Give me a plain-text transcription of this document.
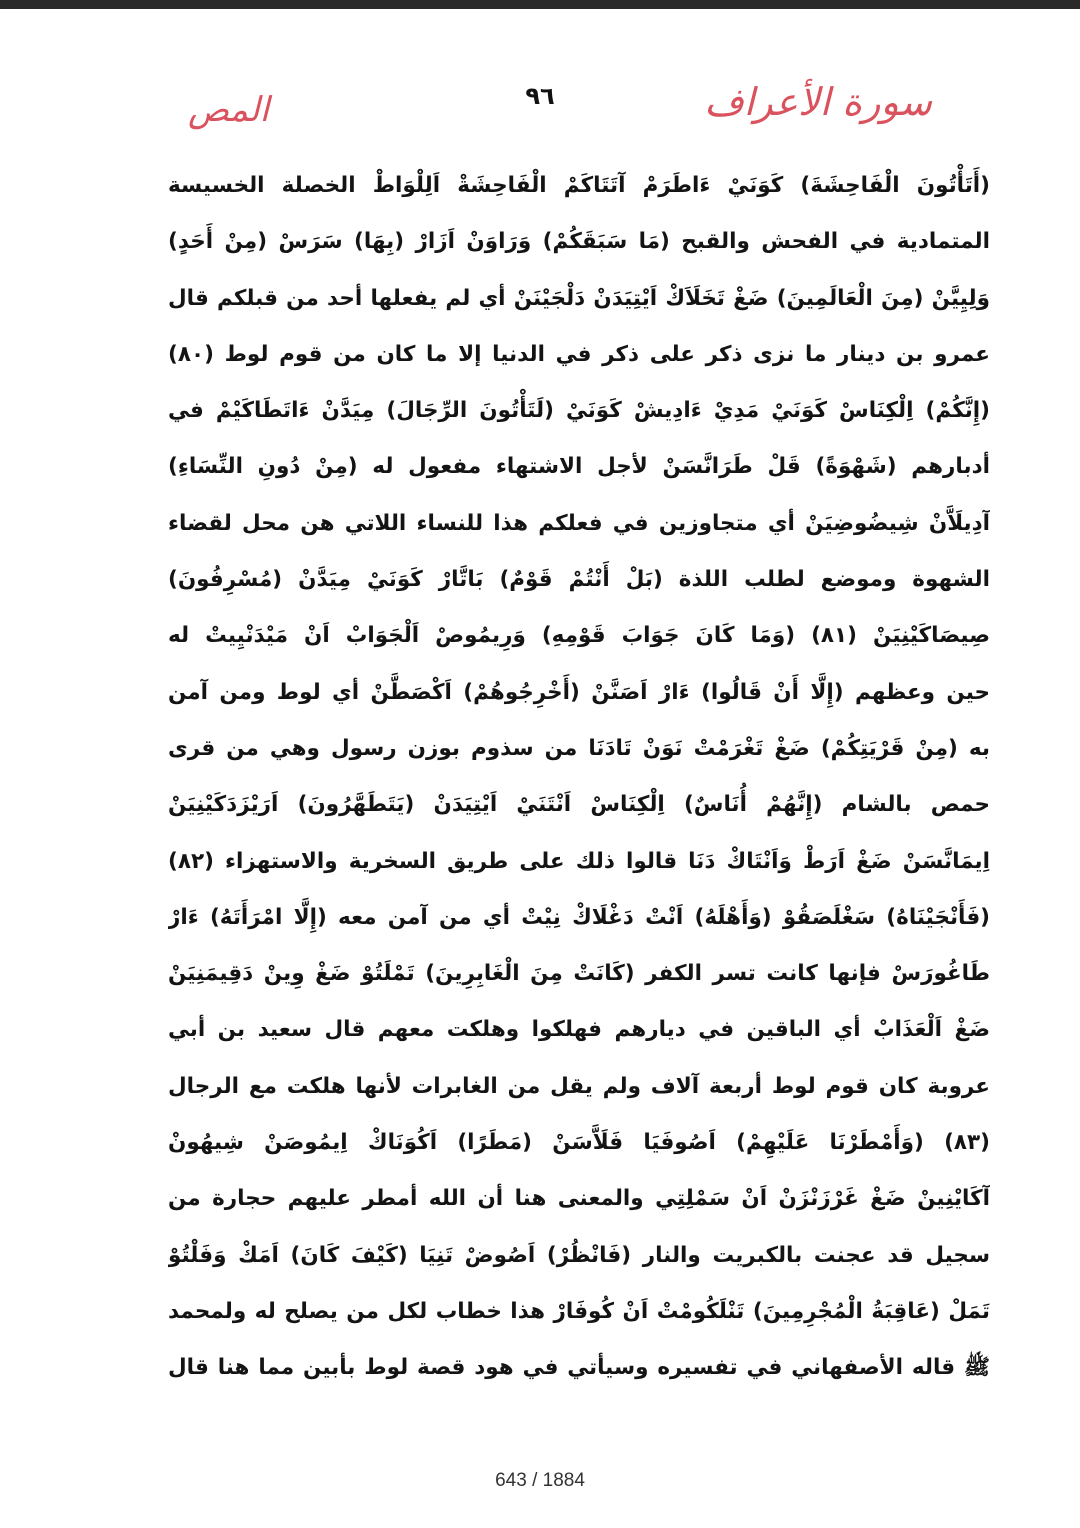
سورة الأعراف
المص	٩٦
(أَتَأْتُونَ الْفَاحِشَةَ) كَوَنَيْ ءَاطَرَمْ آتَتَاكَمْ الْفَاحِشَةْ اَلِلْوَاطْ الخصلة الخسيسة
المتمادية في الفحش والقبح (مَا سَبَقَكُمْ) وَرَاوَنْ اَزَارْ (بِهَا) سَرَسْ (مِنْ أَحَدٍ)
وَلِيِيَّنْ (مِنَ الْعَالَمِينَ) ضَغْ تَخَلَاَكْ اَيْتِيَدَنْ دَلْجَيْنَنْ أي لم يفعلها أحد من قبلكم قال
عمرو بن دينار ما نزى ذكر على ذكر في الدنيا إلا ما كان من قوم لوط (٨٠)
(إِنَّكُمْ) اِلْكِنَاسْ كَوَنَيْ مَدِيْ ءَادِيشْ كَوَنَيْ (لَتَأْتُونَ الرِّجَالَ) مِيَدَّنْ ءَاتَطَاكَيْمْ في
أدبارهم (شَهْوَةً) قَلْ طَرَانَّسَنْ لأجل الاشتهاء مفعول له (مِنْ دُونِ النِّسَاءِ)
آدِيلَاَّنْ شِيضُوضِيَنْ أي متجاوزين في فعلكم هذا للنساء اللاتي هن محل لقضاء
الشهوة وموضع لطلب اللذة (بَلْ أَنْتُمْ قَوْمٌ) بَاتَّارْ كَوَنَيْ مِيَدَّنْ (مُسْرِفُونَ)
صِيصَاكَيْنِيَنْ (٨١) (وَمَا كَانَ جَوَابَ قَوْمِهِ) وَرِيمُوصْ اَلْجَوَابْ اَنْ مَيْدَنْيِيتْ له
حين وعظهم (إِلَّا أَنْ قَالُوا) ءَارْ اَصَنَّنْ (أَخْرِجُوهُمْ) اَكْصَطَّنْ أي لوط ومن آمن
به (مِنْ قَرْيَتِكُمْ) ضَغْ تَغْرَمْتْ نَوَنْ تَادَنَا من سذوم بوزن رسول وهي من قرى
حمص بالشام (إِنَّهُمْ أُنَاسٌ) اِلْكِنَاسْ اَنْتَنَيْ اَيْتِيَدَنْ (يَتَطَهَّرُونَ) اَرَيْزَدَكَيْنِيَنْ
اِيمَانَّسَنْ ضَغْ اَرَطْ وَاَنْتَاكْ دَنَا قالوا ذلك على طريق السخرية والاستهزاء (٨٢)
(فَأَنْجَيْنَاهُ) سَغْلَصَقُوْ (وَأَهْلَهُ) اَنْتْ دَغْلَاكْ نِيْتْ أي من آمن معه (إِلَّا امْرَأَتَهُ) ءَارْ
طَاغُورَسْ فإنها كانت تسر الكفر (كَانَتْ مِنَ الْغَابِرِينَ) تَمْلَتُوْ ضَغْ وِينْ دَقِيمَنِيَنْ
ضَغْ اَلْعَذَابْ أي الباقين في ديارهم فهلكوا وهلكت معهم قال سعيد بن أبي
عروبة كان قوم لوط أربعة آلاف ولم يقل من الغابرات لأنها هلكت مع الرجال
(٨٣) (وَأَمْطَرْنَا عَلَيْهِمْ) اَصُوفَيَا فَلَاَّسَنْ (مَطَرًا) اَكُوَنَاكْ اِيمُوصَنْ شِيهُونْ
آكَايْنِينْ ضَغْ غَرْزَنْزَنْ اَنْ سَمْلِتِي والمعنى هنا أن الله أمطر عليهم حجارة من
سجيل قد عجنت بالكبريت والنار (فَانْظُرْ) اَصُوضْ تَنِيَا (كَيْفَ كَانَ) اَمَكْ وَفَلْتُوْ
تَمَلْ (عَاقِبَةُ الْمُجْرِمِينَ) تَنْلَكُومْتْ اَنْ كُوفَارْ هذا خطاب لكل من يصلح له ولمحمد
ﷺ قاله الأصفهاني في تفسيره وسيأتي في هود قصة لوط بأبين مما هنا قال
643 / 1884
